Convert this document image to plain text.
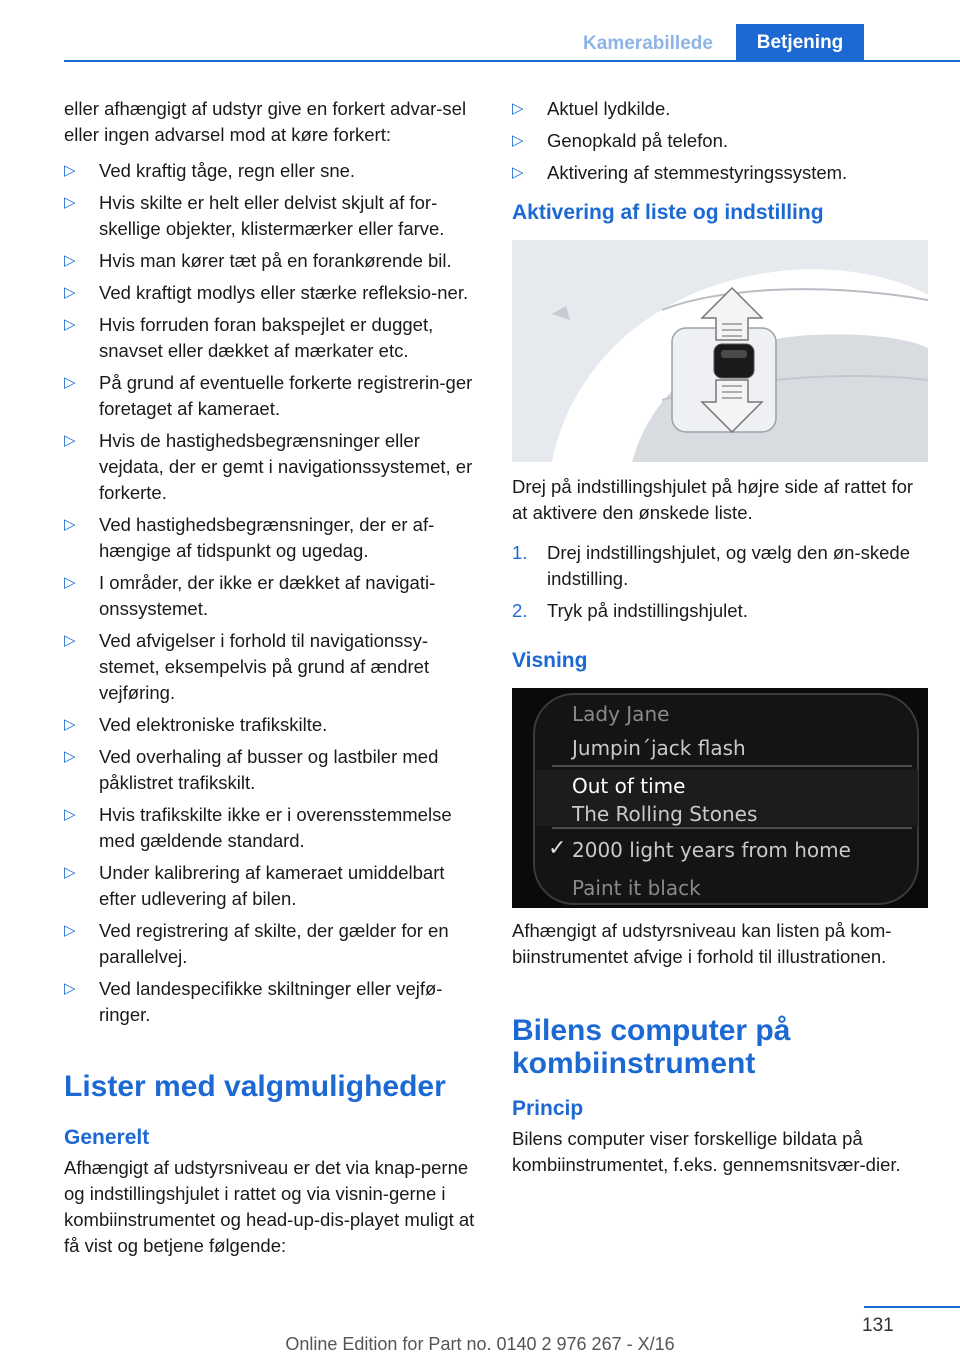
Kamerabillede	Betjening

eller afhængigt af udstyr give en forkert advar-sel eller ingen advarsel mod at køre forkert:

▷ Ved kraftig tåge, regn eller sne.
▷ Hvis skilte er helt eller delvist skjult af for-skellige objekter, klistermærker eller farve.
▷ Hvis man kører tæt på en forankørende bil.
▷ Ved kraftigt modlys eller stærke refleksio-ner.
▷ Hvis forruden foran bakspejlet er dugget, snavset eller dækket af mærkater etc.
▷ På grund af eventuelle forkerte registrerin-ger foretaget af kameraet.
▷ Hvis de hastighedsbegrænsninger eller vejdata, der er gemt i navigationssystemet, er forkerte.
▷ Ved hastighedsbegrænsninger, der er af-hængige af tidspunkt og ugedag.
▷ I områder, der ikke er dækket af navigati-onssystemet.
▷ Ved afvigelser i forhold til navigationssy-stemet, eksempelvis på grund af ændret vejføring.
▷ Ved elektroniske trafikskilte.
▷ Ved overhaling af busser og lastbiler med påklistret trafikskilt.
▷ Hvis trafikskilte ikke er i overensstemmelse med gældende standard.
▷ Under kalibrering af kameraet umiddelbart efter udlevering af bilen.
▷ Ved registrering af skilte, der gælder for en parallelvej.
▷ Ved landespecifikke skiltninger eller vejfø-ringer.
Lister med valgmuligheder
Generelt

Afhængigt af udstyrsniveau er det via knap-perne og indstillingshjulet i rattet og via visnin-gerne i kombiinstrumentet og head-up-dis-playet muligt at få vist og betjene følgende:

▷ Aktuel lydkilde.
▷ Genopkald på telefon.
▷ Aktivering af stemmestyringssystem.
Aktivering af liste og indstilling

Drej på indstillingshjulet på højre side af rattet for at aktivere den ønskede liste.

1. Drej indstillingshjulet, og vælg den øn-skede indstilling.
2. Tryk på indstillingshjulet.
Visning
Lady Jane
Jumpin´jack flash
Out of time
The Rolling Stones
2000 light years from home
Paint it black
✓

Afhængigt af udstyrsniveau kan listen på kom-biinstrumentet afvige i forhold til illustrationen.

Bilens computer på kombiinstrument
Princip

Bilens computer viser forskellige bildata på kombiinstrumentet, f.eks. gennemsnitsvær-dier.

131
Online Edition for Part no. 0140 2 976 267 - X/16
